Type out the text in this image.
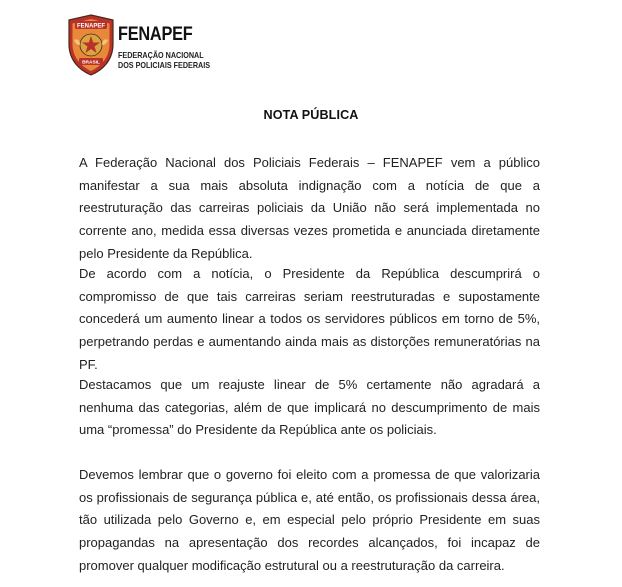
FENAPEF
BRASIL
FENAPEF
FEDERAÇÃO NACIONAL
DOS POLICIAIS FEDERAIS
NOTA PÚBLICA

A Federação Nacional dos Policiais Federais – FENAPEF vem a público manifestar a sua mais absoluta indignação com a notícia de que a reestruturação das carreiras policiais da União não será implementada no corrente ano, medida essa diversas vezes prometida e anunciada diretamente pelo Presidente da República.

De acordo com a notícia, o Presidente da República descumprirá o compromisso de que tais carreiras seriam reestruturadas e supostamente concederá um aumento linear a todos os servidores públicos em torno de 5%, perpetrando perdas e aumentando ainda mais as distorções remuneratórias na PF.

Destacamos que um reajuste linear de 5% certamente não agradará a nenhuma das categorias, além de que implicará no descumprimento de mais uma “promessa” do Presidente da República ante os policiais.

Devemos lembrar que o governo foi eleito com a promessa de que valorizaria os profissionais de segurança pública e, até então, os profissionais dessa área, tão utilizada pelo Governo e, em especial pelo próprio Presidente em suas propagandas na apresentação dos recordes alcançados, foi incapaz de promover qualquer modificação estrutural ou a reestruturação da carreira.
